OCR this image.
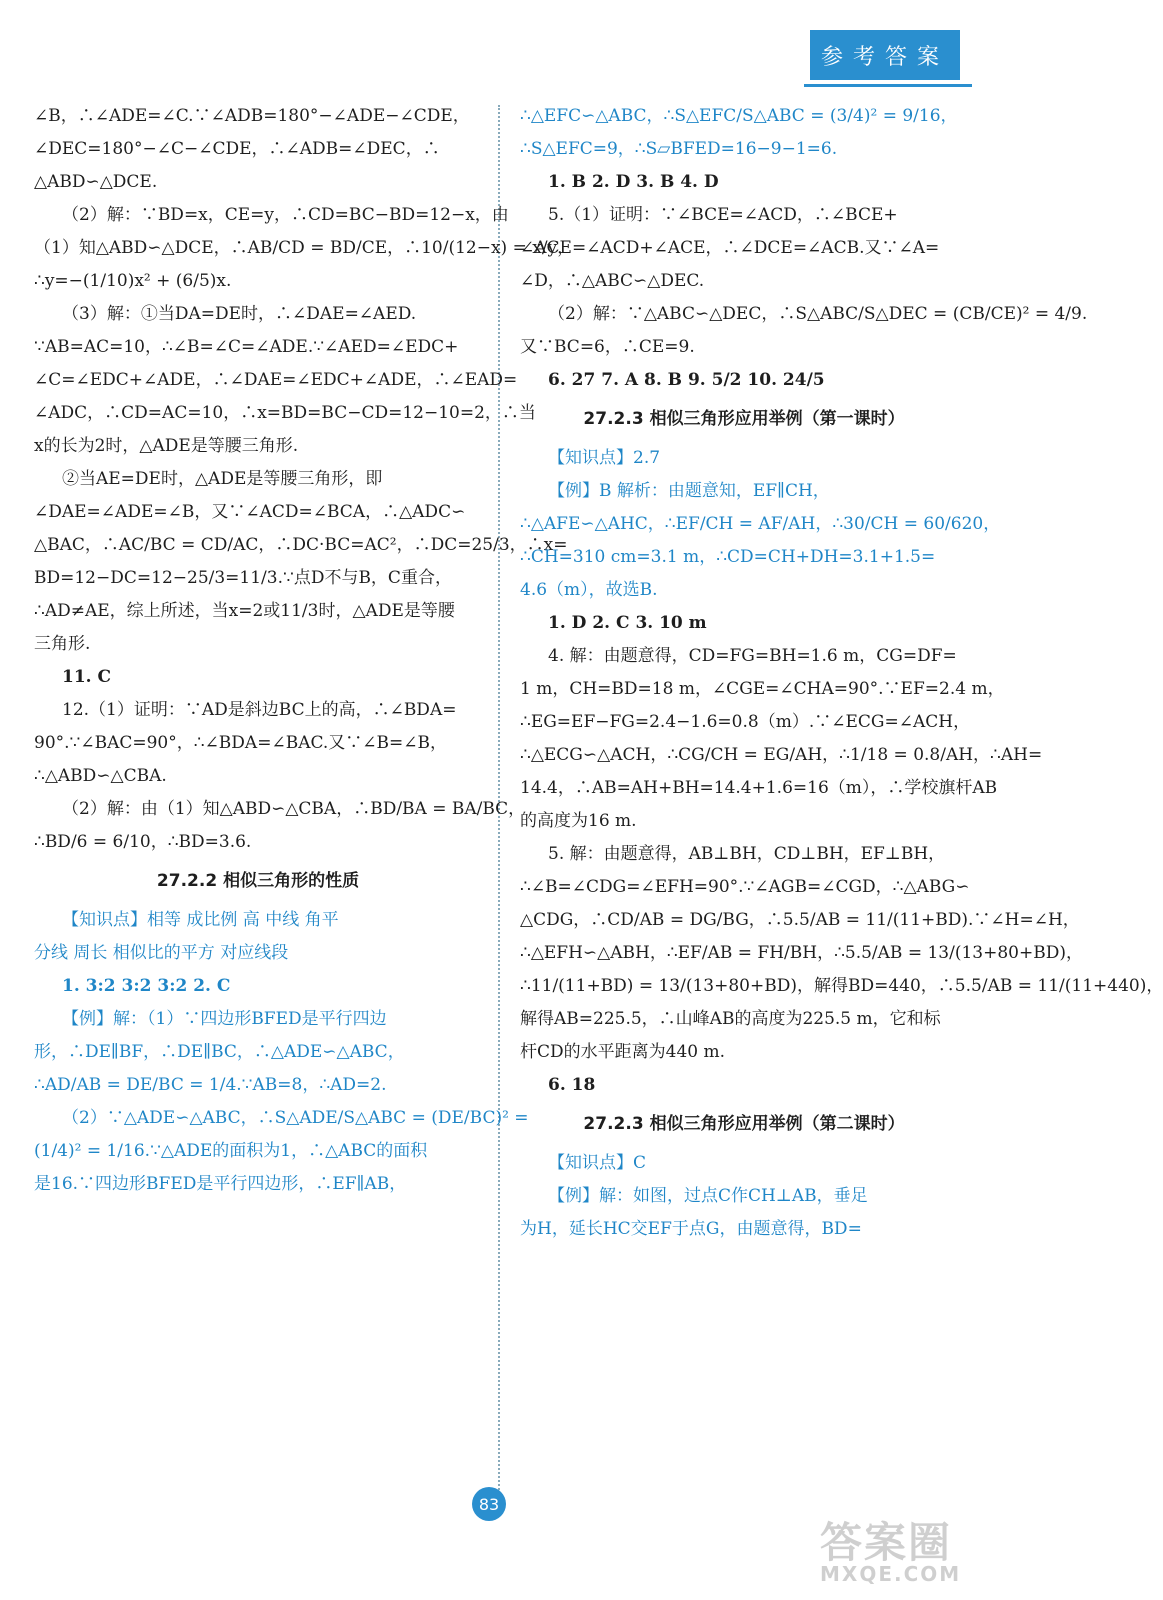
参考答案

∠B，∴∠ADE=∠C.∵∠ADB=180°−∠ADE−∠CDE，

∠DEC=180°−∠C−∠CDE，∴∠ADB=∠DEC，∴

△ABD∽△DCE.

（2）解：∵BD=x，CE=y，∴CD=BC−BD=12−x，由

（1）知△ABD∽△DCE，∴AB/CD = BD/CE，∴10/(12−x) = x/y，

∴y=−(1/10)x² + (6/5)x.

（3）解：①当DA=DE时，∴∠DAE=∠AED.

∵AB=AC=10，∴∠B=∠C=∠ADE.∵∠AED=∠EDC+

∠C=∠EDC+∠ADE，∴∠DAE=∠EDC+∠ADE，∴∠EAD=

∠ADC，∴CD=AC=10，∴x=BD=BC−CD=12−10=2，∴当

x的长为2时，△ADE是等腰三角形.

②当AE=DE时，△ADE是等腰三角形，即

∠DAE=∠ADE=∠B，又∵∠ACD=∠BCA，∴△ADC∽

△BAC，∴AC/BC = CD/AC，∴DC·BC=AC²，∴DC=25/3，∴x=

BD=12−DC=12−25/3=11/3.∵点D不与B，C重合，

∴AD≠AE，综上所述，当x=2或11/3时，△ADE是等腰

三角形.

11. C

12.（1）证明：∵AD是斜边BC上的高，∴∠BDA=

90°.∵∠BAC=90°，∴∠BDA=∠BAC.又∵∠B=∠B，

∴△ABD∽△CBA.

（2）解：由（1）知△ABD∽△CBA，∴BD/BA = BA/BC，

∴BD/6 = 6/10，∴BD=3.6.

27.2.2 相似三角形的性质

【知识点】相等 成比例 高 中线 角平

分线 周长 相似比的平方 对应线段

1. 3:2 3:2 3:2 2. C

【例】解：（1）∵四边形BFED是平行四边

形，∴DE∥BF，∴DE∥BC，∴△ADE∽△ABC，

∴AD/AB = DE/BC = 1/4.∵AB=8，∴AD=2.

（2）∵△ADE∽△ABC，∴S△ADE/S△ABC = (DE/BC)² =

(1/4)² = 1/16.∵△ADE的面积为1，∴△ABC的面积

是16.∵四边形BFED是平行四边形，∴EF∥AB，

∴△EFC∽△ABC，∴S△EFC/S△ABC = (3/4)² = 9/16，

∴S△EFC=9，∴S▱BFED=16−9−1=6.

1. B 2. D 3. B 4. D

5.（1）证明：∵∠BCE=∠ACD，∴∠BCE+

∠ACE=∠ACD+∠ACE，∴∠DCE=∠ACB.又∵∠A=

∠D，∴△ABC∽△DEC.

（2）解：∵△ABC∽△DEC，∴S△ABC/S△DEC = (CB/CE)² = 4/9.

又∵BC=6，∴CE=9.

6. 27 7. A 8. B 9. 5/2 10. 24/5

27.2.3 相似三角形应用举例（第一课时）

【知识点】2.7

【例】B 解析：由题意知，EF∥CH，

∴△AFE∽△AHC，∴EF/CH = AF/AH，∴30/CH = 60/620，

∴CH=310 cm=3.1 m，∴CD=CH+DH=3.1+1.5=

4.6（m），故选B.

1. D 2. C 3. 10 m

4. 解：由题意得，CD=FG=BH=1.6 m，CG=DF=

1 m，CH=BD=18 m，∠CGE=∠CHA=90°.∵EF=2.4 m，

∴EG=EF−FG=2.4−1.6=0.8（m）.∵∠ECG=∠ACH，

∴△ECG∽△ACH，∴CG/CH = EG/AH，∴1/18 = 0.8/AH，∴AH=

14.4，∴AB=AH+BH=14.4+1.6=16（m），∴学校旗杆AB

的高度为16 m.

5. 解：由题意得，AB⊥BH，CD⊥BH，EF⊥BH，

∴∠B=∠CDG=∠EFH=90°.∵∠AGB=∠CGD，∴△ABG∽

△CDG，∴CD/AB = DG/BG，∴5.5/AB = 11/(11+BD).∵∠H=∠H，

∴△EFH∽△ABH，∴EF/AB = FH/BH，∴5.5/AB = 13/(13+80+BD)，

∴11/(11+BD) = 13/(13+80+BD)，解得BD=440，∴5.5/AB = 11/(11+440)，

解得AB=225.5，∴山峰AB的高度为225.5 m，它和标

杆CD的水平距离为440 m.

6. 18

27.2.3 相似三角形应用举例（第二课时）

【知识点】C

【例】解：如图，过点C作CH⊥AB，垂足

为H，延长HC交EF于点G，由题意得，BD=

83
答案圈
MXQE.COM
